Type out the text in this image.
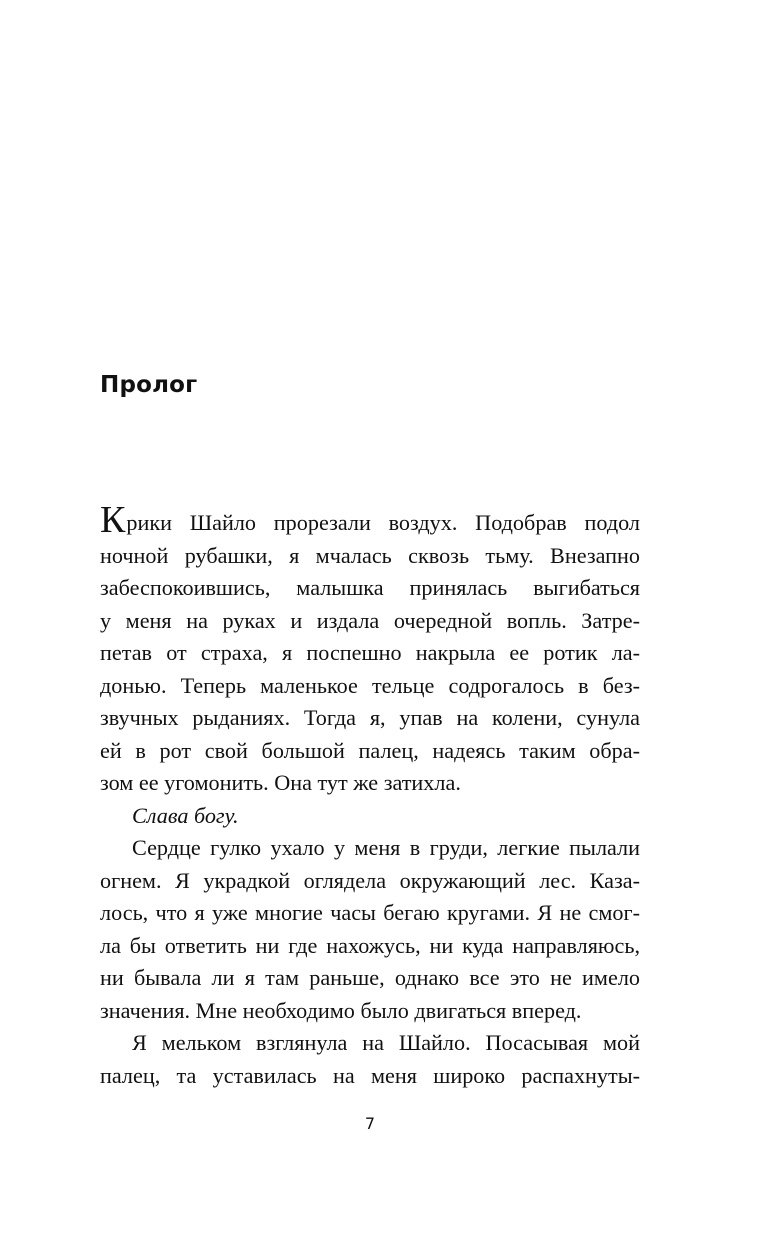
Пролог
Крики Шайло прорезали воздух. Подобрав подол
ночной рубашки, я мчалась сквозь тьму. Внезапно
забеспокоившись, малышка принялась выгибаться
у меня на руках и издала очередной вопль. Затре-
петав от страха, я поспешно накрыла ее ротик ла-
донью. Теперь маленькое тельце содрогалось в без-
звучных рыданиях. Тогда я, упав на колени, сунула
ей в рот свой большой палец, надеясь таким обра-
зом ее угомонить. Она тут же затихла.
Слава богу.
Сердце гулко ухало у меня в груди, легкие пылали
огнем. Я украдкой оглядела окружающий лес. Каза-
лось, что я уже многие часы бегаю кругами. Я не смог-
ла бы ответить ни где нахожусь, ни куда направляюсь,
ни бывала ли я там раньше, однако все это не имело
значения. Мне необходимо было двигаться вперед.
Я мельком взглянула на Шайло. Посасывая мой
палец, та уставилась на меня широко распахнуты-
7
